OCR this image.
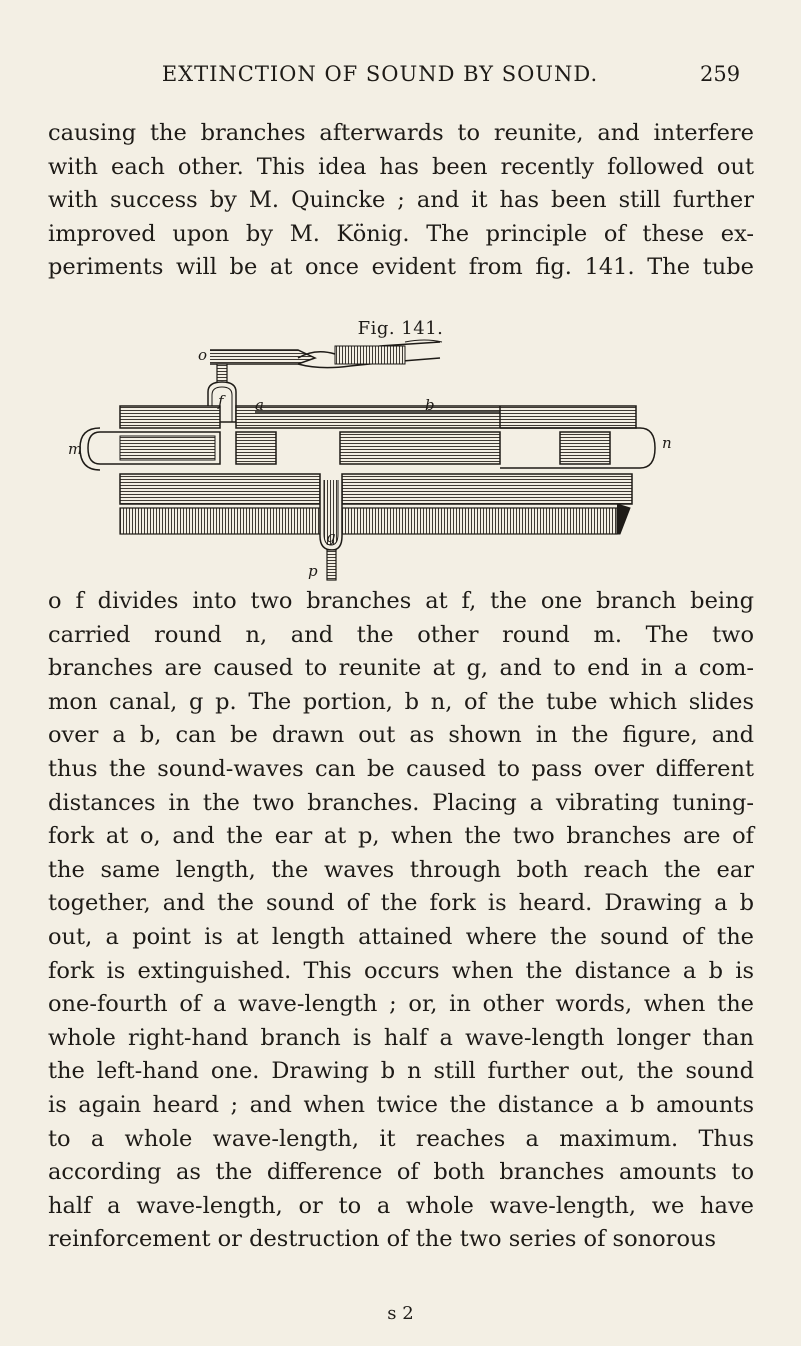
EXTINCTION OF SOUND BY SOUND.	259
causing the branches afterwards to reunite, and interfere
with each other. This idea has been recently followed out
with success by M. Quincke ; and it has been still further
improved upon by M. König. The principle of these ex-
periments will be at once evident from fig. 141. The tube
Fig. 141.
o
f a	b
m	n
g
p
o f divides into two branches at f, the one branch being
carried round n, and the other round m. The two
branches are caused to reunite at g, and to end in a com-
mon canal, g p. The portion, b n, of the tube which slides
over a b, can be drawn out as shown in the figure, and
thus the sound-waves can be caused to pass over different
distances in the two branches. Placing a vibrating tuning-
fork at o, and the ear at p, when the two branches are of
the same length, the waves through both reach the ear
together, and the sound of the fork is heard. Drawing a b
out, a point is at length attained where the sound of the
fork is extinguished. This occurs when the distance a b is
one-fourth of a wave-length ; or, in other words, when the
whole right-hand branch is half a wave-length longer than
the left-hand one. Drawing b n still further out, the sound
is again heard ; and when twice the distance a b amounts
to a whole wave-length, it reaches a maximum. Thus
according as the difference of both branches amounts to
half a wave-length, or to a whole wave-length, we have
reinforcement or destruction of the two series of sonorous
s 2
